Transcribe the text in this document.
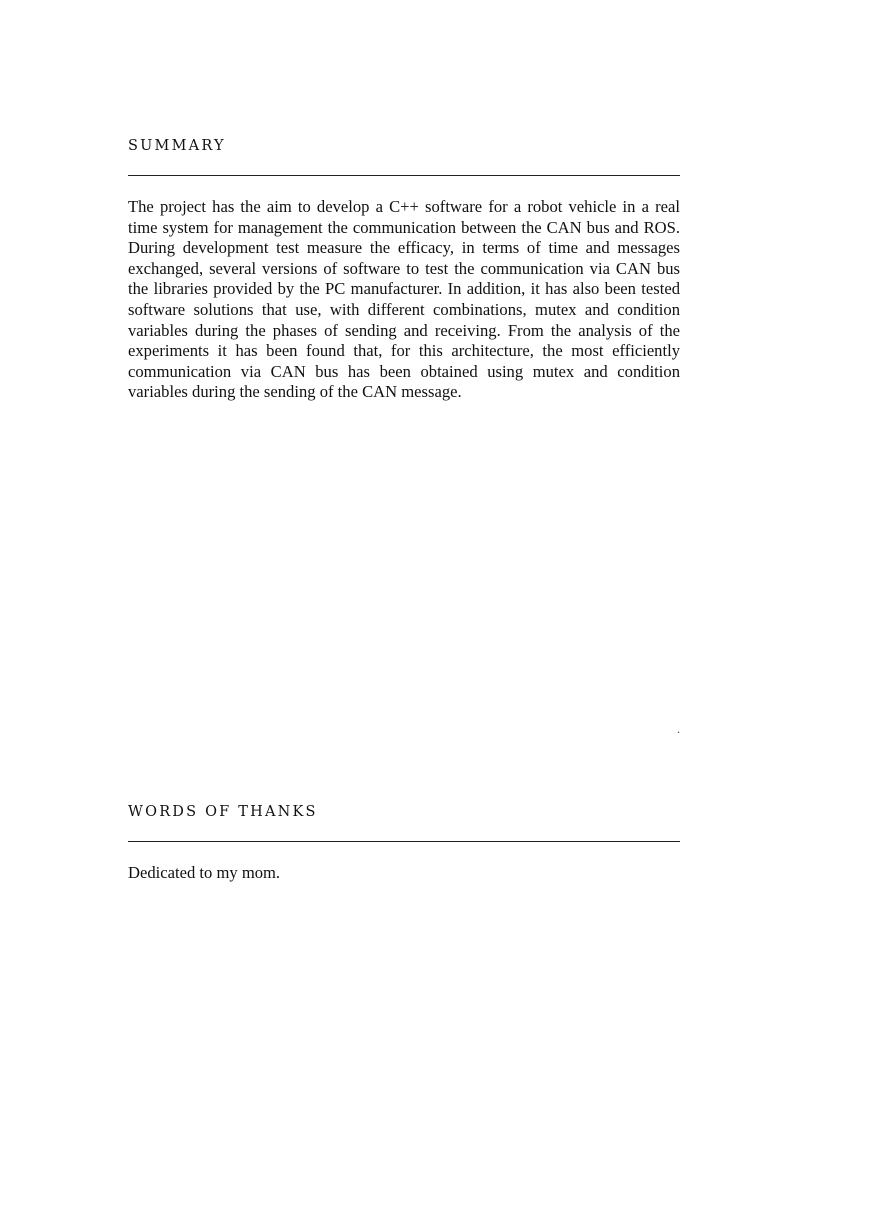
SUMMARY

The project has the aim to develop a C++ software for a robot vehicle in a real time system for management the communication between the CAN bus and ROS. During development test measure the efficacy, in terms of time and messages exchanged, several versions of software to test the communication via CAN bus the libraries provided by the PC manufacturer. In addition, it has also been tested software solutions that use, with different combinations, mutex and condition variables during the phases of sending and receiving. From the analysis of the experiments it has been found that, for this architecture, the most efficiently communication via CAN bus has been obtained using mutex and condition variables during the sending of the CAN message.

.
WORDS OF THANKS

Dedicated to my mom.
